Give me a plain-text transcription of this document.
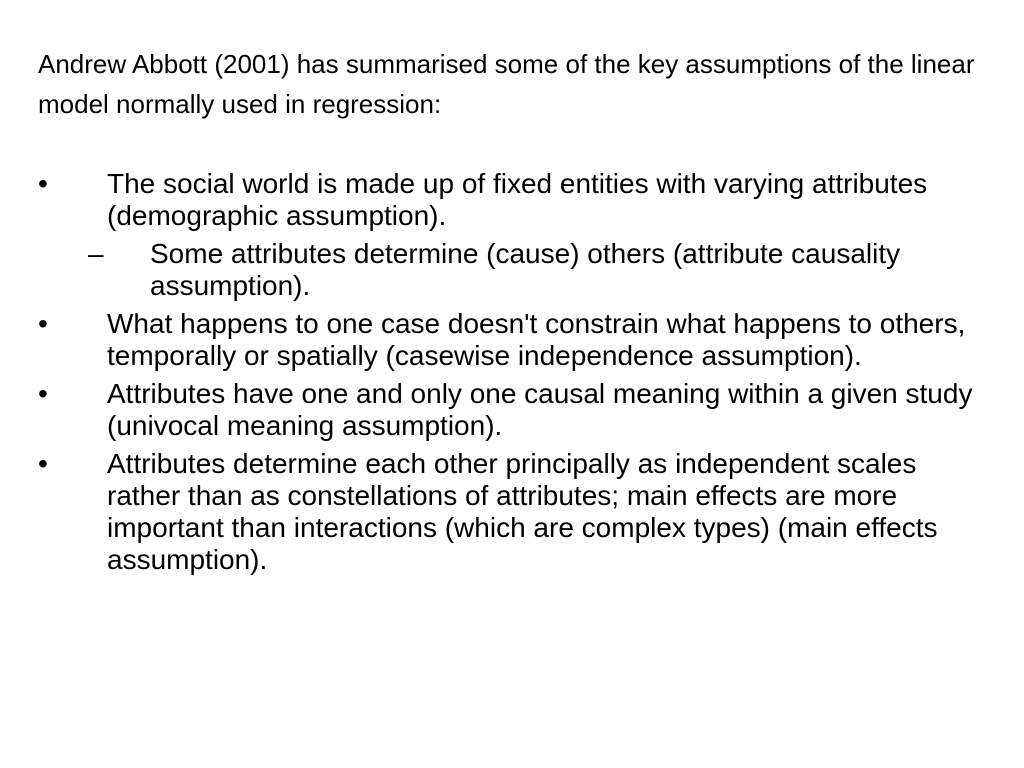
Andrew Abbott (2001) has summarised some of the key assumptions of the linear model normally used in regression:

•	The social world is made up of fixed entities with varying attributes (demographic assumption).
–	Some attributes determine (cause) others (attribute causality assumption).
•	What happens to one case doesn't constrain what happens to others, temporally or spatially (casewise independence assumption).
•	Attributes have one and only one causal meaning within a given study (univocal meaning assumption).
•	Attributes determine each other principally as independent scales rather than as constellations of attributes; main effects are more important than interactions (which are complex types) (main effects assumption).
